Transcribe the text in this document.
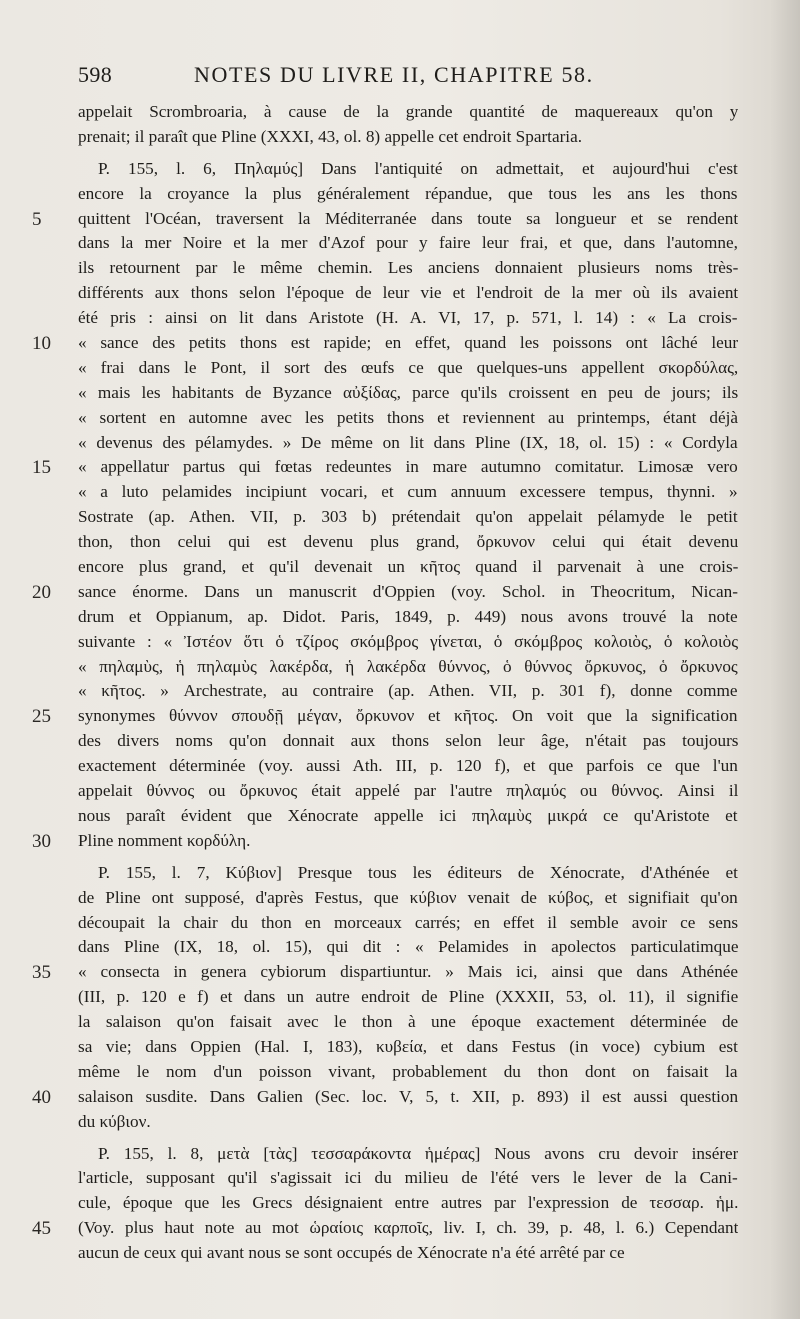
598	NOTES DU LIVRE II, CHAPITRE 58.
appelait Scrombroaria, à cause de la grande quantité de maquereaux qu'on y
prenait; il paraît que Pline (XXXI, 43, ol. 8) appelle cet endroit Spartaria.
P. 155, l. 6, Πηλαμύς] Dans l'antiquité on admettait, et aujourd'hui c'est
encore la croyance la plus généralement répandue, que tous les ans les thons
quittent l'Océan, traversent la Méditerranée dans toute sa longueur et se rendent
dans la mer Noire et la mer d'Azof pour y faire leur frai, et que, dans l'automne,
ils retournent par le même chemin. Les anciens donnaient plusieurs noms très-
différents aux thons selon l'époque de leur vie et l'endroit de la mer où ils avaient
été pris : ainsi on lit dans Aristote (H. A. VI, 17, p. 571, l. 14) : « La crois-
« sance des petits thons est rapide; en effet, quand les poissons ont lâché leur
« frai dans le Pont, il sort des œufs ce que quelques-uns appellent σκορδύλας,
« mais les habitants de Byzance αὐξίδας, parce qu'ils croissent en peu de jours; ils
« sortent en automne avec les petits thons et reviennent au printemps, étant déjà
« devenus des pélamydes. » De même on lit dans Pline (IX, 18, ol. 15) : « Cordyla
« appellatur partus qui fœtas redeuntes in mare autumno comitatur. Limosæ vero
« a luto pelamides incipiunt vocari, et cum annuum excessere tempus, thynni. »
Sostrate (ap. Athen. VII, p. 303 b) prétendait qu'on appelait pélamyde le petit
thon, thon celui qui est devenu plus grand, ὄρκυνον celui qui était devenu
encore plus grand, et qu'il devenait un κῆτος quand il parvenait à une crois-
sance énorme. Dans un manuscrit d'Oppien (voy. Schol. in Theocritum, Nican-
drum et Oppianum, ap. Didot. Paris, 1849, p. 449) nous avons trouvé la note
suivante : « Ἰστέον ὅτι ὁ τζίρος σκόμβρος γίνεται, ὁ σκόμβρος κολοιὸς, ὁ κολοιὸς
« πηλαμὺς, ἡ πηλαμὺς λακέρδα, ἡ λακέρδα θύννος, ὁ θύννος ὄρκυνος, ὁ ὄρκυνος
« κῆτος. » Archestrate, au contraire (ap. Athen. VII, p. 301 f), donne comme
synonymes θύννον σπουδῇ μέγαν, ὄρκυνον et κῆτος. On voit que la signification
des divers noms qu'on donnait aux thons selon leur âge, n'était pas toujours
exactement déterminée (voy. aussi Ath. III, p. 120 f), et que parfois ce que l'un
appelait θύννος ou ὄρκυνος était appelé par l'autre πηλαμύς ou θύννος. Ainsi il
nous paraît évident que Xénocrate appelle ici πηλαμὺς μικρά ce qu'Aristote et
Pline nomment κορδύλη.
P. 155, l. 7, Κύβιον] Presque tous les éditeurs de Xénocrate, d'Athénée et
de Pline ont supposé, d'après Festus, que κύβιον venait de κύβος, et signifiait qu'on
découpait la chair du thon en morceaux carrés; en effet il semble avoir ce sens
dans Pline (IX, 18, ol. 15), qui dit : « Pelamides in apolectos particulatimque
« consecta in genera cybiorum dispartiuntur. » Mais ici, ainsi que dans Athénée
(III, p. 120 e f) et dans un autre endroit de Pline (XXXII, 53, ol. 11), il signifie
la salaison qu'on faisait avec le thon à une époque exactement déterminée de
sa vie; dans Oppien (Hal. I, 183), κυβεία, et dans Festus (in voce) cybium est
même le nom d'un poisson vivant, probablement du thon dont on faisait la
salaison susdite. Dans Galien (Sec. loc. V, 5, t. XII, p. 893) il est aussi question
du κύβιον.
P. 155, l. 8, μετὰ [τὰς] τεσσαράκοντα ἡμέρας] Nous avons cru devoir insérer
l'article, supposant qu'il s'agissait ici du milieu de l'été vers le lever de la Cani-
cule, époque que les Grecs désignaient entre autres par l'expression de τεσσαρ. ἡμ.
(Voy. plus haut note au mot ὡραίοις καρποῖς, liv. I, ch. 39, p. 48, l. 6.) Cependant
aucun de ceux qui avant nous se sont occupés de Xénocrate n'a été arrêté par ce
5
10
15
20
25
30
35
40
45
